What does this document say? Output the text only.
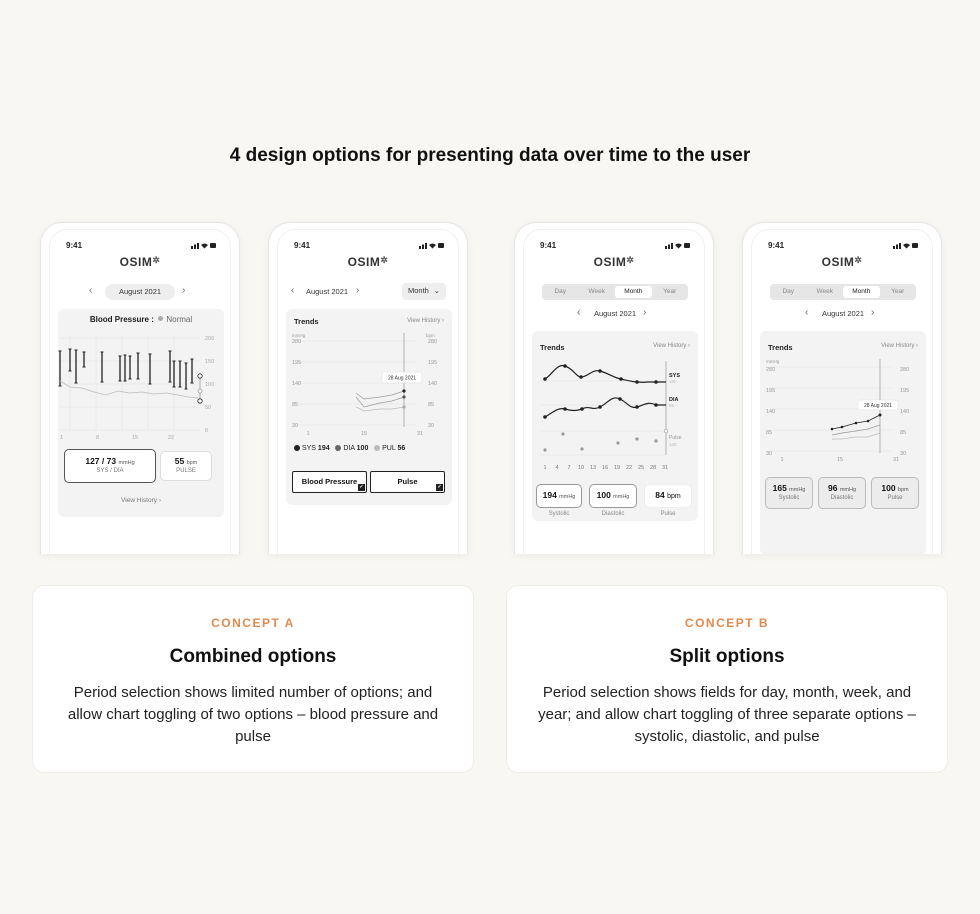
4 design options for presenting data over time to the user
9:41
OSIM✲
‹	August 2021	›
Blood Pressure : Normal
200
150
100
50
0
1	8	15	22
127 / 73 mmHg
SYS / DIA
55 bpm
PULSE
View History ›
9:41
OSIM✲
‹	August 2021 ›	Month ⌄
Trends	View History ›
mmHg	bpm
280
195
140
85
30
280
195
140
85
30
1	15	31
28 Aug 2021
SYS 194 DIA 100 PUL 56
Blood Pressure
✓
Pulse
✓
9:41
OSIM✲
Day	Week	Month	Year
‹	August 2021 ›
Trends	View History ›
SYS
150
DIA
85
Pulse
100
1 4 7 10 13 16 19 22 25 28 31
194 mmHg	100 mmHg	84 bpm
Systolic	Diastolic	Pulse
9:41
OSIM✲
Day	Week	Month	Year
‹	August 2021 ›
Trends	View History ›
mmHg
280
195
140
85
30
280
195
140
85
30
1	15	31
28 Aug 2021
165 mmHg
Systolic
96 mmHg
Diastolic
100 bpm
Pulse
CONCEPT A
Combined options

Period selection shows limited number of options; and allow chart toggling of two options – blood pressure and pulse

CONCEPT B
Split options

Period selection shows fields for day, month, week, and year; and allow chart toggling of three separate options – systolic, diastolic, and pulse
